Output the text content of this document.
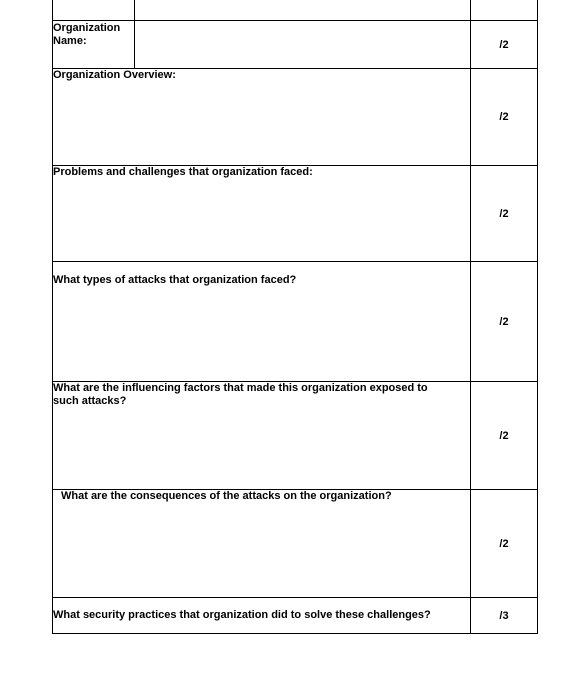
Organization Name:		/2
Organization Overview:		/2
Problems and challenges that organization faced:		/2
What types of attacks that organization faced?		/2
What are the influencing factors that made this organization exposed to such attacks?		/2
What are the consequences of the attacks on the organization?		/2
What security practices that organization did to solve these challenges?		/3
